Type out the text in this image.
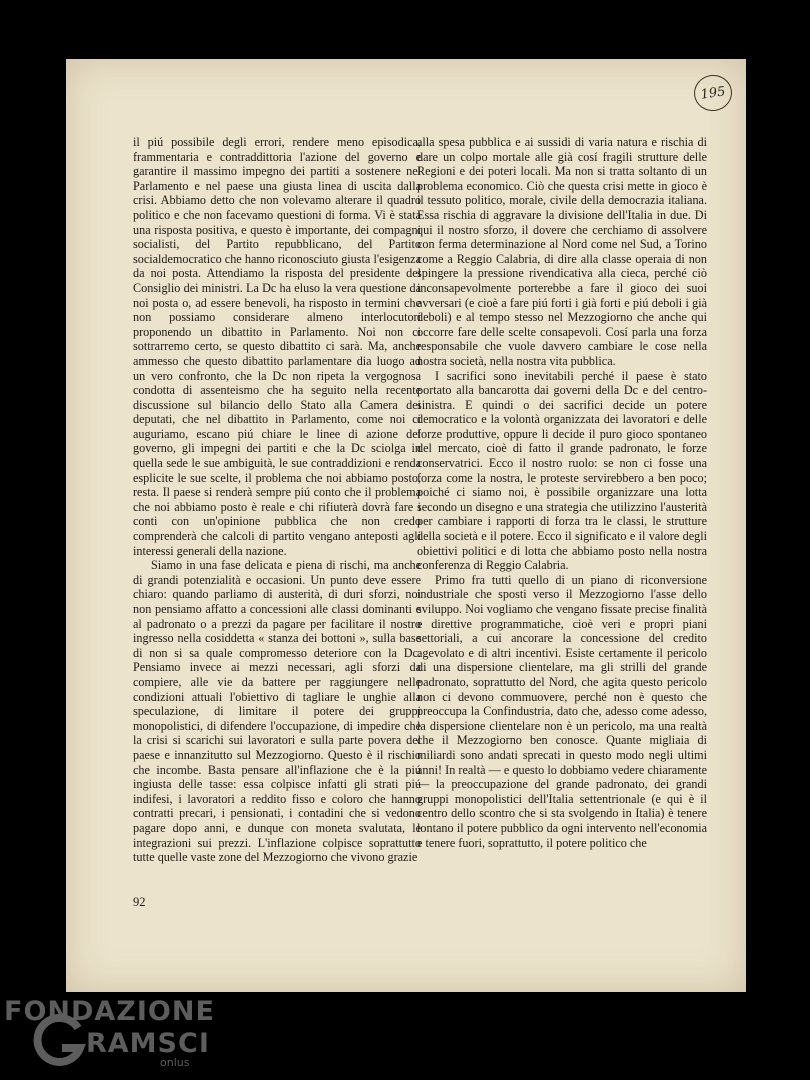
195

il piú possibile degli errori, rendere meno episodica, frammentaria e contraddittoria l'azione del governo e garantire il massimo impegno dei partiti a sostenere nel Parlamento e nel paese una giusta linea di uscita dalla crisi. Abbiamo detto che non volevamo alterare il quadro politico e che non facevamo questioni di forma. Vi è stata una risposta positiva, e questo è importante, dei compagni socialisti, del Partito repubblicano, del Partito socialdemocratico che hanno riconosciuto giusta l'esigenza da noi posta. Attendiamo la risposta del presidente del Consiglio dei ministri. La Dc ha eluso la vera questione da noi posta o, ad essere benevoli, ha risposto in termini che non possiamo considerare almeno interlocutori proponendo un dibattito in Parlamento. Noi non ci sottrarremo certo, se questo dibattito ci sarà. Ma, anche ammesso che questo dibattito parlamentare dia luogo ad un vero confronto, che la Dc non ripeta la vergognosa condotta di assenteismo che ha seguito nella recente discussione sul bilancio dello Stato alla Camera dei deputati, che nel dibattito in Parlamento, come noi ci auguriamo, escano piú chiare le linee di azione del governo, gli impegni dei partiti e che la Dc sciolga in quella sede le sue ambiguità, le sue contraddizioni e renda esplicite le sue scelte, il problema che noi abbiamo posto, resta. Il paese si renderà sempre piú conto che il problema che noi abbiamo posto è reale e chi rifiuterà dovrà fare i conti con un'opinione pubblica che non credo comprenderà che calcoli di partito vengano anteposti agli interessi generali della nazione.

Siamo in una fase delicata e piena di rischi, ma anche di grandi potenzialità e occasioni. Un punto deve essere chiaro: quando parliamo di austerità, di duri sforzi, noi non pensiamo affatto a concessioni alle classi dominanti e al padronato o a prezzi da pagare per facilitare il nostro ingresso nella cosiddetta « stanza dei bottoni », sulla base di non si sa quale compromesso deteriore con la Dc. Pensiamo invece ai mezzi necessari, agli sforzi da compiere, alle vie da battere per raggiungere nelle condizioni attuali l'obiettivo di tagliare le unghie alla speculazione, di limitare il potere dei gruppi monopolistici, di difendere l'occupazione, di impedire che la crisi si scarichi sui lavoratori e sulla parte povera del paese e innanzitutto sul Mezzogiorno. Questo è il rischio che incombe. Basta pensare all'inflazione che è la piú ingiusta delle tasse: essa colpisce infatti gli strati piú indifesi, i lavoratori a reddito fisso e coloro che hanno contratti precari, i pensionati, i contadini che si vedono pagare dopo anni, e dunque con moneta svalutata, le integrazioni sui prezzi. L'inflazione colpisce soprattutto tutte quelle vaste zone del Mezzogiorno che vivono grazie

alla spesa pubblica e ai sussidi di varia natura e rischia di dare un colpo mortale alle già cosí fragili strutture delle Regioni e dei poteri locali. Ma non si tratta soltanto di un problema economico. Ciò che questa crisi mette in gioco è il tessuto politico, morale, civile della democrazia italiana. Essa rischia di aggravare la divisione dell'Italia in due. Di qui il nostro sforzo, il dovere che cerchiamo di assolvere con ferma determinazione al Nord come nel Sud, a Torino come a Reggio Calabria, di dire alla classe operaia di non spingere la pressione rivendicativa alla cieca, perché ciò inconsapevolmente porterebbe a fare il gioco dei suoi avversari (e cioè a fare piú forti i già forti e piú deboli i già deboli) e al tempo stesso nel Mezzogiorno che anche qui occorre fare delle scelte consapevoli. Cosí parla una forza responsabile che vuole davvero cambiare le cose nella nostra società, nella nostra vita pubblica.

I sacrifici sono inevitabili perché il paese è stato portato alla bancarotta dai governi della Dc e del centro-sinistra. E quindi o dei sacrifici decide un potere democratico e la volontà organizzata dei lavoratori e delle forze produttive, oppure li decide il puro gioco spontaneo del mercato, cioè di fatto il grande padronato, le forze conservatrici. Ecco il nostro ruolo: se non ci fosse una forza come la nostra, le proteste servirebbero a ben poco; poiché ci siamo noi, è possibile organizzare una lotta secondo un disegno e una strategia che utilizzino l'austerità per cambiare i rapporti di forza tra le classi, le strutture della società e il potere. Ecco il significato e il valore degli obiettivi politici e di lotta che abbiamo posto nella nostra conferenza di Reggio Calabria.

Primo fra tutti quello di un piano di riconversione industriale che sposti verso il Mezzogiorno l'asse dello sviluppo. Noi vogliamo che vengano fissate precise finalità e direttive programmatiche, cioè veri e propri piani settoriali, a cui ancorare la concessione del credito agevolato e di altri incentivi. Esiste certamente il pericolo di una dispersione clientelare, ma gli strilli del grande padronato, soprattutto del Nord, che agita questo pericolo non ci devono commuovere, perché non è questo che preoccupa la Confindustria, dato che, adesso come adesso, la dispersione clientelare non è un pericolo, ma una realtà che il Mezzogiorno ben conosce. Quante migliaia di miliardi sono andati sprecati in questo modo negli ultimi anni! In realtà — e questo lo dobbiamo vedere chiaramente — la preoccupazione del grande padronato, dei grandi gruppi monopolistici dell'Italia settentrionale (e qui è il centro dello scontro che si sta svolgendo in Italia) è tenere lontano il potere pubblico da ogni intervento nell'economia e tenere fuori, soprattutto, il potere politico che

92
FONDAZIONE
RAMSCI
onlus
